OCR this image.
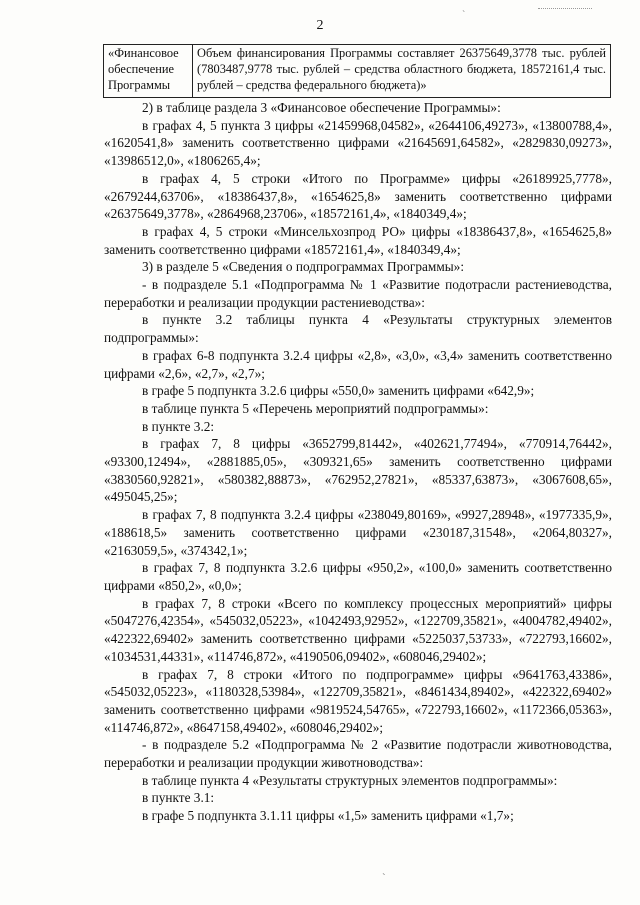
2
ˋ
«Финансовое обеспечение Программы	Объем финансирования Программы составляет 26375649,3778 тыс. рублей (7803487,9778 тыс. рублей – средства областного бюджета, 18572161,4 тыс. рублей – средства федерального бюджета)»

2) в таблице раздела 3 «Финансовое обеспечение Программы»:

в графах 4, 5 пункта 3 цифры «21459968,04582», «2644106,49273», «13800788,4», «1620541,8» заменить соответственно цифрами «21645691,64582», «2829830,09273», «13986512,0», «1806265,4»;

в графах 4, 5 строки «Итого по Программе» цифры «26189925,7778», «2679244,63706», «18386437,8», «1654625,8» заменить соответственно цифрами «26375649,3778», «2864968,23706», «18572161,4», «1840349,4»;

в графах 4, 5 строки «Минсельхозпрод РО» цифры «18386437,8», «1654625,8» заменить соответственно цифрами «18572161,4», «1840349,4»;

3) в разделе 5 «Сведения о подпрограммах Программы»:

- в подразделе 5.1 «Подпрограмма № 1 «Развитие подотрасли растениеводства, переработки и реализации продукции растениеводства»:

в пункте 3.2 таблицы пункта 4 «Результаты структурных элементов подпрограммы»:

в графах 6-8 подпункта 3.2.4 цифры «2,8», «3,0», «3,4» заменить соответственно цифрами «2,6», «2,7», «2,7»;

в графе 5 подпункта 3.2.6 цифры «550,0» заменить цифрами «642,9»;

в таблице пункта 5 «Перечень мероприятий подпрограммы»:

в пункте 3.2:

в графах 7, 8 цифры «3652799,81442», «402621,77494», «770914,76442», «93300,12494», «2881885,05», «309321,65» заменить соответственно цифрами «3830560,92821», «580382,88873», «762952,27821», «85337,63873», «3067608,65», «495045,25»;

в графах 7, 8 подпункта 3.2.4 цифры «238049,80169», «9927,28948», «1977335,9», «188618,5» заменить соответственно цифрами «230187,31548», «2064,80327», «2163059,5», «374342,1»;

в графах 7, 8 подпункта 3.2.6 цифры «950,2», «100,0» заменить соответственно цифрами «850,2», «0,0»;

в графах 7, 8 строки «Всего по комплексу процессных мероприятий» цифры «5047276,42354», «545032,05223», «1042493,92952», «122709,35821», «4004782,49402», «422322,69402» заменить соответственно цифрами «5225037,53733», «722793,16602», «1034531,44331», «114746,872», «4190506,09402», «608046,29402»;

в графах 7, 8 строки «Итого по подпрограмме» цифры «9641763,43386», «545032,05223», «1180328,53984», «122709,35821», «8461434,89402», «422322,69402» заменить соответственно цифрами «9819524,54765», «722793,16602», «1172366,05363», «114746,872», «8647158,49402», «608046,29402»;

- в подразделе 5.2 «Подпрограмма № 2 «Развитие подотрасли животноводства, переработки и реализации продукции животноводства»:

в таблице пункта 4 «Результаты структурных элементов подпрограммы»:

в пункте 3.1:

в графе 5 подпункта 3.1.11 цифры «1,5» заменить цифрами «1,7»;

ˋ
